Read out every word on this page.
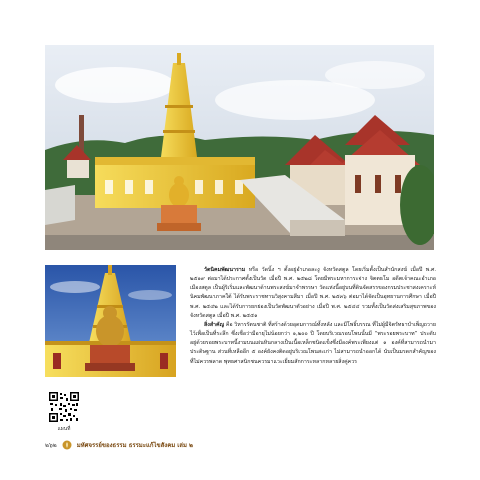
แผนที่

วัดนิคมพัฒนาราม หรือ วัดนิ้ง ฯ ตั้งอยู่อำเภอละงู จังหวัดสตูล โดยเริ่มตั้งเป็นสำนักสงฆ์ เมื่อปี พ.ศ. ๒๕๑๙ ต่อมาได้ประกาศตั้งเป็นวัด เมื่อปี พ.ศ. ๒๕๒๘ โดยมีพระมหาการะจ่าง จิตตธโม อดีตเจ้าคณะอำเภอเมืองสตูล เป็นผู้ริเริ่มและพัฒนาด้านพระสงฆ์มาจำพรรษา วัดแห่งนี้อยู่บนที่ดินจัดสรรของกรมประชาสงเคราะห์นิคมพัฒนาภาคใต้ ได้รับพระราชทานวิสุงคามสีมา เมื่อปี พ.ศ. ๒๕๓๖ ต่อมาได้จัดเป็นอุทยานการศึกษา เมื่อปี พ.ศ. ๒๕๔๒ และได้รับการยกย่องเป็นวัดพัฒนาตัวอย่าง เมื่อปี พ.ศ. ๒๕๔๔ รวมทั้งเป็นวัดส่งเสริมสุขภาพของจังหวัดสตูล เมื่อปี พ.ศ. ๒๕๕๑

สิ่งสำคัญ คือ วิหารรัตนชาติ ที่สร้างด้วยอุดมการณ์ทั้งหลัง และมีโพธิ์บรรณ ที่ไม่ผู้มีจิตรัทธาบำเพ็ญถวายไว้เพื่อเป็นที่ระลึก ซึ่งเชื่อว่ามีอายุไม่น้อยกว่า ๑,๒๐๐ ปี โดยบริเวณรอบโพนนั้นมี “พระรอยพระบาท” ประดับอยู่ด้วยรอยพระบาทนี้งามบนแผ่นหินกลางเป็นเนื้อเหล็กชนิดแข็งซึ่งมีองค์พระเพียงแต่ ๑ องค์ที่สามารถนำมาประดิษฐาน ส่วนที่เหลืออีก ๕ องค์ยังคงติดอยู่บริเวณโพนสะเก่า ไม่สามารถนำออกได้ นับเป็นมรดกสำคัญของที่ไม่ควรพลาด พุทธศาสนิกชนควรมาแวะเยี่ยมสักการะหลากหลายสิ่งคู่ควร

๒๖๒	มหัศจรรย์ของธรรม ธรรมะแก้ไขสังคม เล่ม ๒
